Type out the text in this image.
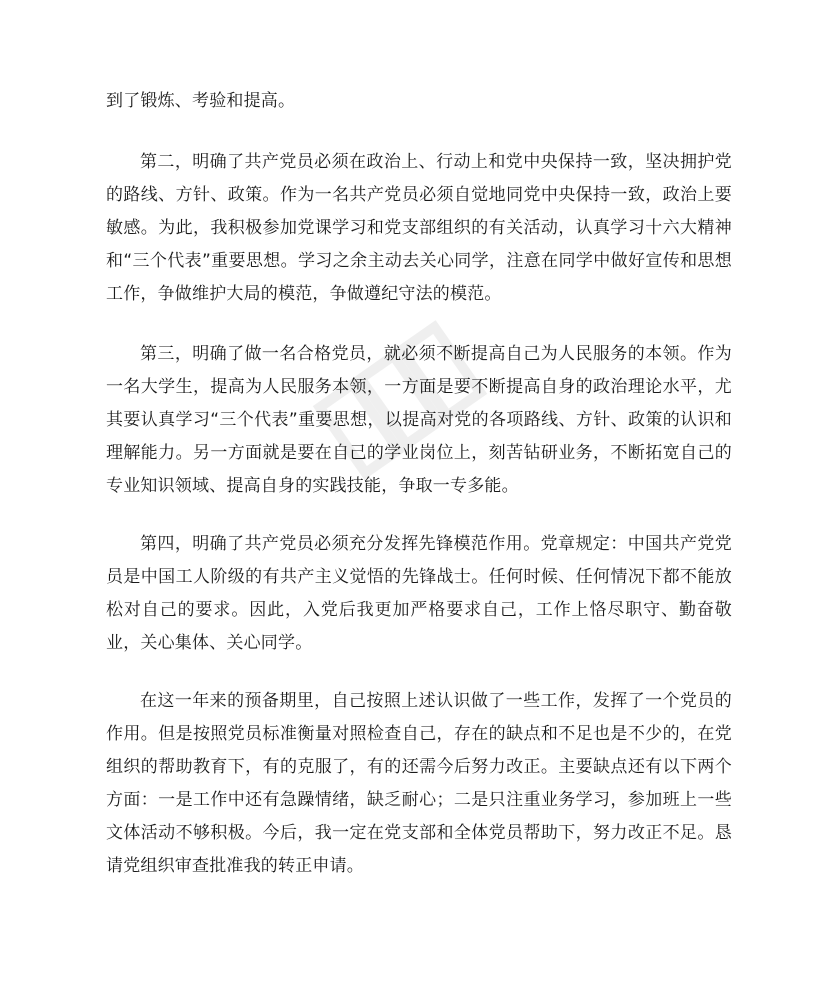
到了锻炼、考验和提高。

第二，明确了共产党员必须在政治上、行动上和党中央保持一致，坚决拥护党的路线、方针、政策。作为一名共产党员必须自觉地同党中央保持一致，政治上要敏感。为此，我积极参加党课学习和党支部组织的有关活动，认真学习十六大精神和“三个代表”重要思想。学习之余主动去关心同学，注意在同学中做好宣传和思想工作，争做维护大局的模范，争做遵纪守法的模范。

第三，明确了做一名合格党员，就必须不断提高自己为人民服务的本领。作为一名大学生，提高为人民服务本领，一方面是要不断提高自身的政治理论水平，尤其要认真学习“三个代表”重要思想，以提高对党的各项路线、方针、政策的认识和理解能力。另一方面就是要在自己的学业岗位上，刻苦钻研业务，不断拓宽自己的专业知识领域、提高自身的实践技能，争取一专多能。

第四，明确了共产党员必须充分发挥先锋模范作用。党章规定：中国共产党党员是中国工人阶级的有共产主义觉悟的先锋战士。任何时候、任何情况下都不能放松对自己的要求。因此，入党后我更加严格要求自己，工作上恪尽职守、勤奋敬业，关心集体、关心同学。

在这一年来的预备期里，自己按照上述认识做了一些工作，发挥了一个党员的作用。但是按照党员标准衡量对照检查自己，存在的缺点和不足也是不少的，在党组织的帮助教育下，有的克服了，有的还需今后努力改正。主要缺点还有以下两个方面：一是工作中还有急躁情绪，缺乏耐心；二是只注重业务学习，参加班上一些文体活动不够积极。今后，我一定在党支部和全体党员帮助下，努力改正不足。恳请党组织审查批准我的转正申请。
